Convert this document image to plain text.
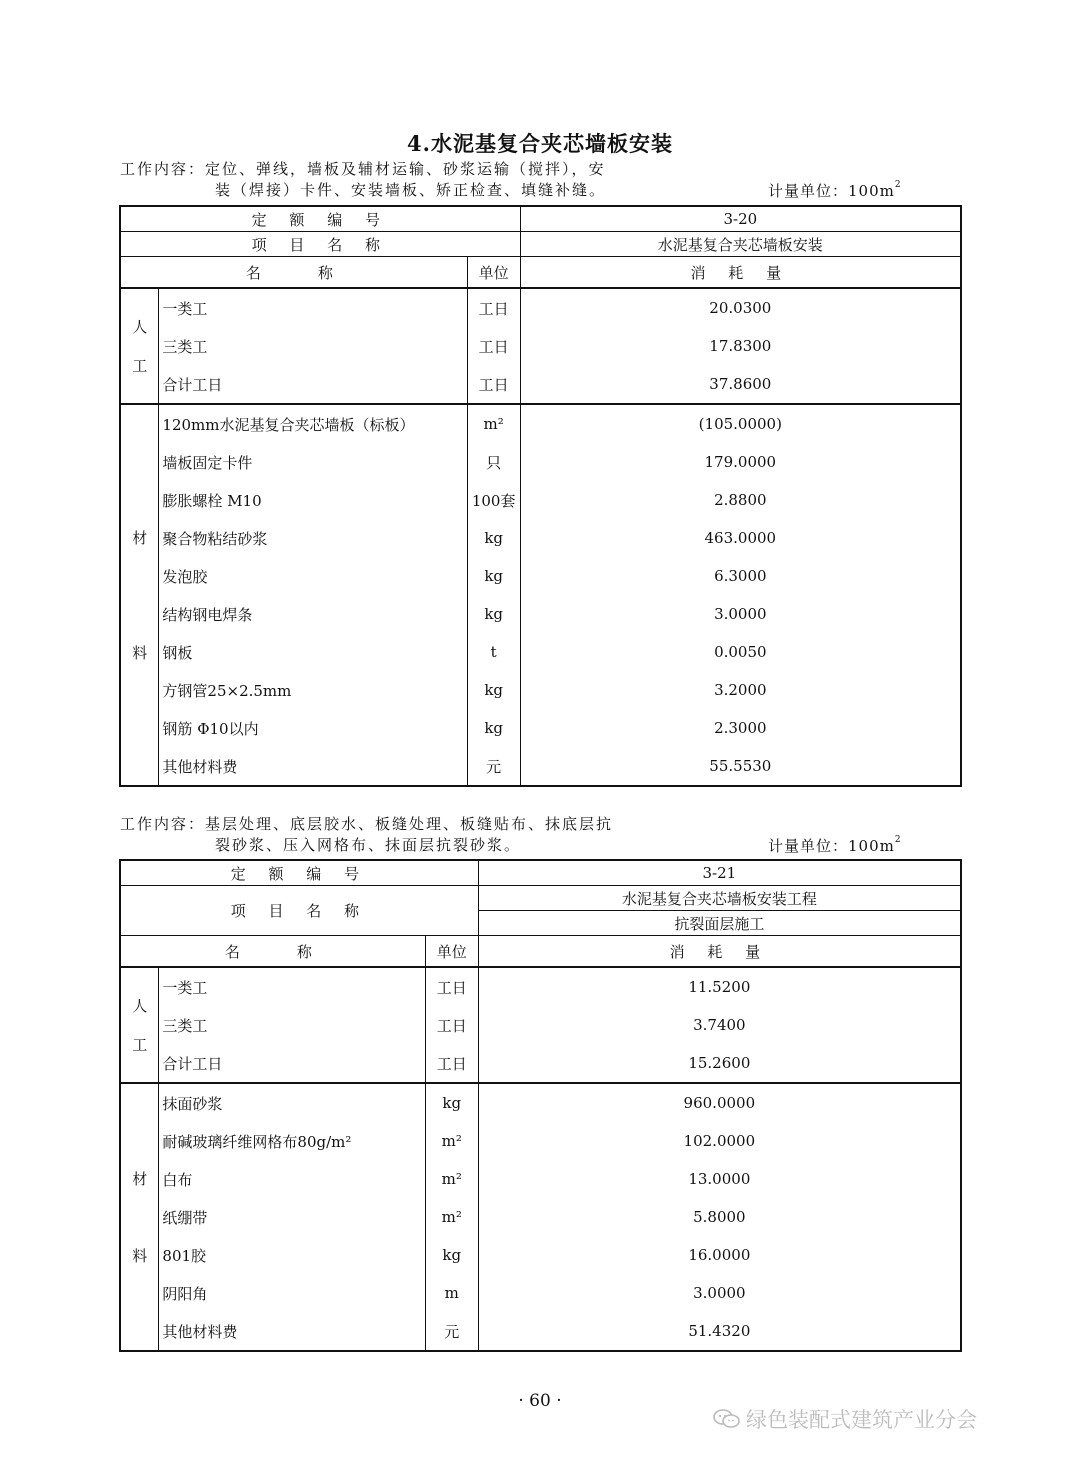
4.水泥基复合夹芯墙板安装
工作内容：定位、弹线，墙板及辅材运输、砂浆运输（搅拌），安
装（焊接）卡件、安装墙板、矫正检查、填缝补缝。	计量单位：$100m^2$
定 额 编 号			3-20
项 目 名 称			水泥基复合夹芯墙板安装
名　　称		单位	消 耗 量

人
工	一类工	工日	20.0300
	三类工	工日	17.8300
	合计工日	工日	37.8600

材
料	120mm水泥基复合夹芯墙板（标板）	m²	(105.0000)
	墙板固定卡件	只	179.0000
	膨胀螺栓 M10	100套	2.8800
	聚合物粘结砂浆	kg	463.0000
	发泡胶	kg	6.3000
	结构钢电焊条	kg	3.0000
	钢板	t	0.0050
	方钢管25×2.5mm	kg	3.2000
	钢筋 Φ10以内	kg	2.3000
	其他材料费	元	55.5530
工作内容：基层处理、底层胶水、板缝处理、板缝贴布、抹底层抗
裂砂浆、压入网格布、抹面层抗裂砂浆。	计量单位：$100m^2$
定 额 编 号			3-21
项 目 名 称			水泥基复合夹芯墙板安装工程
			抗裂面层施工
名　　称		单位	消 耗 量

人
工	一类工	工日	11.5200
	三类工	工日	3.7400
	合计工日	工日	15.2600

材
料	抹面砂浆	kg	960.0000
	耐碱玻璃纤维网格布80g/m²	m²	102.0000
	白布	m²	13.0000
	纸绷带	m²	5.8000
	801胶	kg	16.0000
	阴阳角	m	3.0000
	其他材料费	元	51.4320
· 60 ·
绿色装配式建筑产业分会
